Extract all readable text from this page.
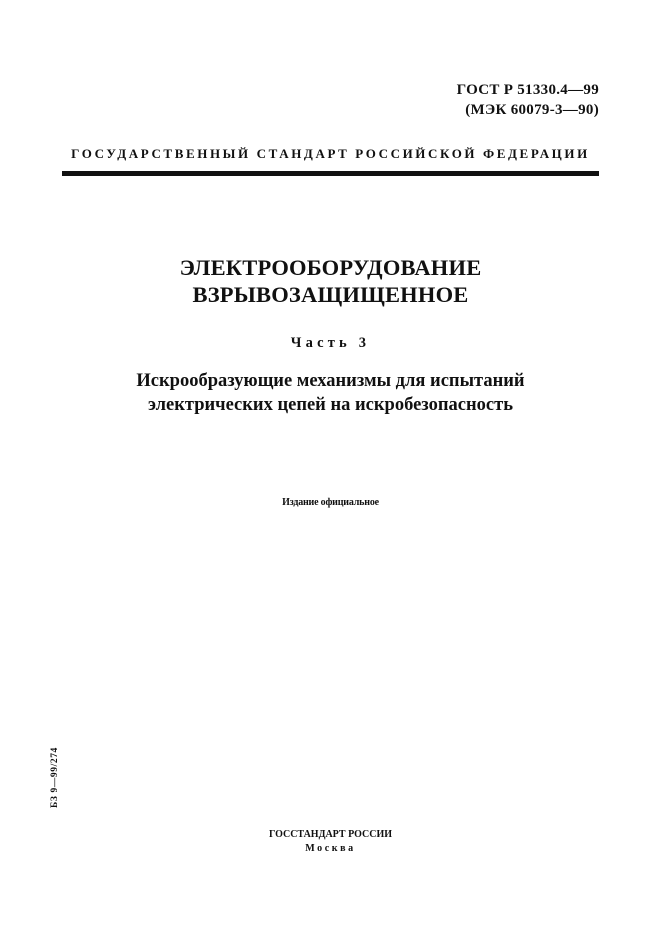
ГОСТ Р 51330.4—99
(МЭК 60079-3—90)
ГОСУДАРСТВЕННЫЙ СТАНДАРТ РОССИЙСКОЙ ФЕДЕРАЦИИ
ЭЛЕКТРООБОРУДОВАНИЕ
ВЗРЫВОЗАЩИЩЕННОЕ
Часть 3
Искрообразующие механизмы для испытаний
электрических цепей на искробезопасность
Издание официальное
БЗ 9—99/274
ГОССТАНДАРТ РОССИИ
Москва
